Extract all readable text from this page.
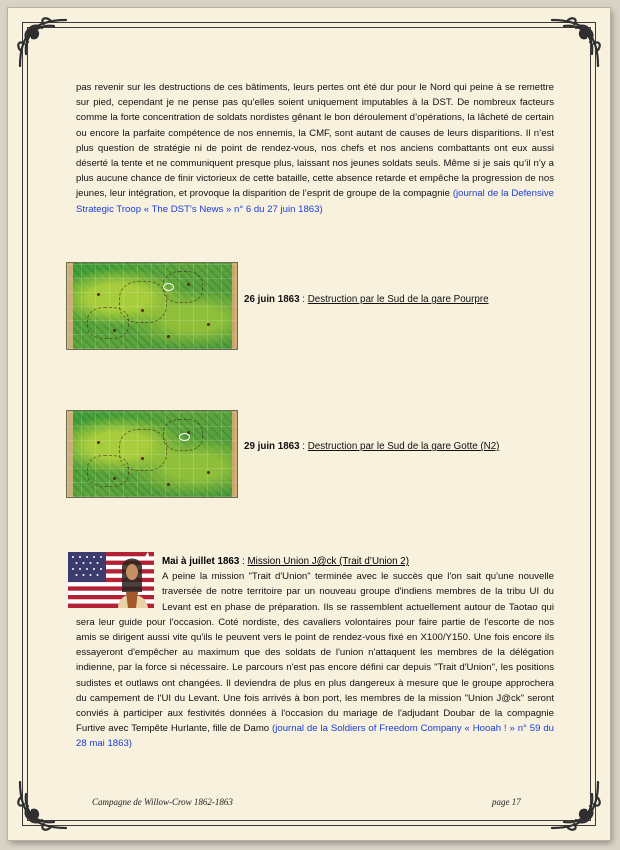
pas revenir sur les destructions de ces bâtiments, leurs pertes ont été dur pour le Nord qui peine à se remettre sur pied, cependant je ne pense pas qu’elles soient uniquement imputables à la DST. De nombreux facteurs comme la forte concentration de soldats nordistes gênant le bon déroulement d’opérations, la lâcheté de certain ou encore la parfaite compétence de nos ennemis, la CMF, sont autant de causes de leurs disparitions. Il n’est plus question de stratégie ni de point de rendez-vous, nos chefs et nos anciens combattants ont eux aussi déserté la tente et ne communiquent presque plus, laissant nos jeunes soldats seuls. Même si je sais qu’il n’y a plus aucune chance de finir victorieux de cette bataille, cette absence retarde et empêche la progression de nos jeunes, leur intégration, et provoque la disparition de l’esprit de groupe de la compagnie (journal de la Defensive Strategic Troop « The DST’s News » n° 6 du 27 juin 1863)

26 juin 1863 : Destruction par le Sud de la gare Pourpre
29 juin 1863 : Destruction par le Sud de la gare Gotte (N2)
Mai à juillet 1863 : Mission Union J@ck (Trait d’Union 2)

A peine la mission "Trait d'Union" terminée avec le succès que l'on sait qu'une nouvelle traversée de notre territoire par un nouveau groupe d'indiens membres de la tribu UI du Levant est en phase de préparation. Ils se rassemblent actuellement autour de Taotao qui sera leur guide pour l'occasion. Coté nordiste, des cavaliers volontaires pour faire partie de l'escorte de nos amis se dirigent aussi vite qu'ils le peuvent vers le point de rendez-vous fixé en X100/Y150. Une fois encore ils essayeront d'empêcher au maximum que des soldats de l'union n'attaquent les membres de la délégation indienne, par la force si nécessaire. Le parcours n'est pas encore défini car depuis "Trait d'Union", les positions sudistes et outlaws ont changées. Il deviendra de plus en plus dangereux à mesure que le groupe approchera du campement de l'UI du Levant. Une fois arrivés à bon port, les membres de la mission "Union J@ck" seront conviés à participer aux festivités données à l'occasion du mariage de l'adjudant Doubar de la compagnie Furtive avec Tempête Hurlante, fille de Damo (journal de la Soldiers of Freedom Company « Hooah ! » n° 59 du 28 mai 1863)

Campagne de Willow-Crow 1862-1863	page 17
